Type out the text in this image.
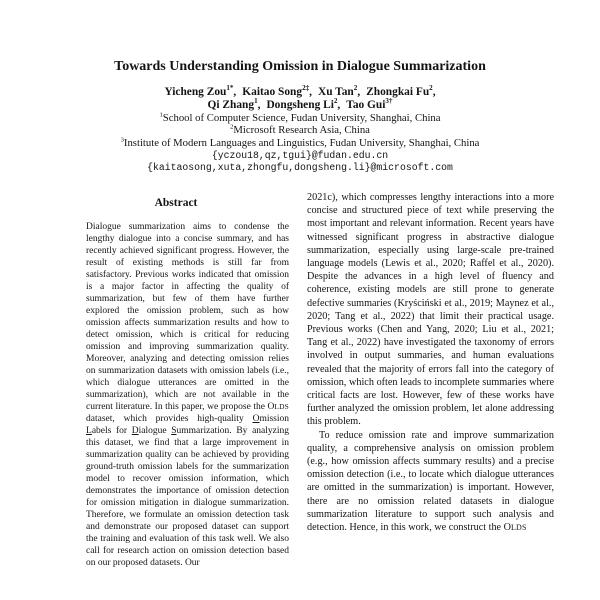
Towards Understanding Omission in Dialogue Summarization
Yicheng Zou$^{1*}$, Kaitao Song$^{2\ddagger}$, Xu Tan$^2$, Zhongkai Fu$^2$,
Qi Zhang$^1$, Dongsheng Li$^2$, Tao Gui$^{3\dagger}$
$^1$School of Computer Science, Fudan University, Shanghai, China
$^2$Microsoft Research Asia, China
$^3$Institute of Modern Languages and Linguistics, Fudan University, Shanghai, China
{yczou18,qz,tgui}@fudan.edu.cn
{kaitaosong,xuta,zhongfu,dongsheng.li}@microsoft.com
Abstract

Dialogue summarization aims to condense the lengthy dialogue into a concise summary, and has recently achieved significant progress. However, the result of existing methods is still far from satisfactory. Previous works indicated that omission is a major factor in affecting the quality of summarization, but few of them have further explored the omission problem, such as how omission affects summarization results and how to detect omission, which is critical for reducing omission and improving summarization quality. Moreover, analyzing and detecting omission relies on summarization datasets with omission labels (i.e., which dialogue utterances are omitted in the summarization), which are not available in the current literature. In this paper, we propose the OLDS dataset, which provides high-quality Omission Labels for Dialogue Summarization. By analyzing this dataset, we find that a large improvement in summarization quality can be achieved by providing ground-truth omission labels for the summarization model to recover omission information, which demonstrates the importance of omission detection for omission mitigation in dialogue summarization. Therefore, we formulate an omission detection task and demonstrate our proposed dataset can support the training and evaluation of this task well. We also call for research action on omission detection based on our proposed datasets. Our

2021c), which compresses lengthy interactions into a more concise and structured piece of text while preserving the most important and relevant information. Recent years have witnessed significant progress in abstractive dialogue summarization, especially using large-scale pre-trained language models (Lewis et al., 2020; Raffel et al., 2020). Despite the advances in a high level of fluency and coherence, existing models are still prone to generate defective summaries (Kryściński et al., 2019; Maynez et al., 2020; Tang et al., 2022) that limit their practical usage. Previous works (Chen and Yang, 2020; Liu et al., 2021; Tang et al., 2022) have investigated the taxonomy of errors involved in output summaries, and human evaluations revealed that the majority of errors fall into the category of omission, which often leads to incomplete summaries where critical facts are lost. However, few of these works have further analyzed the omission problem, let alone addressing this problem.

To reduce omission rate and improve summarization quality, a comprehensive analysis on omission problem (e.g., how omission affects summary results) and a precise omission detection (i.e., to locate which dialogue utterances are omitted in the summarization) is important. However, there are no omission related datasets in dialogue summarization literature to support such analysis and detection. Hence, in this work, we construct the OLDS
